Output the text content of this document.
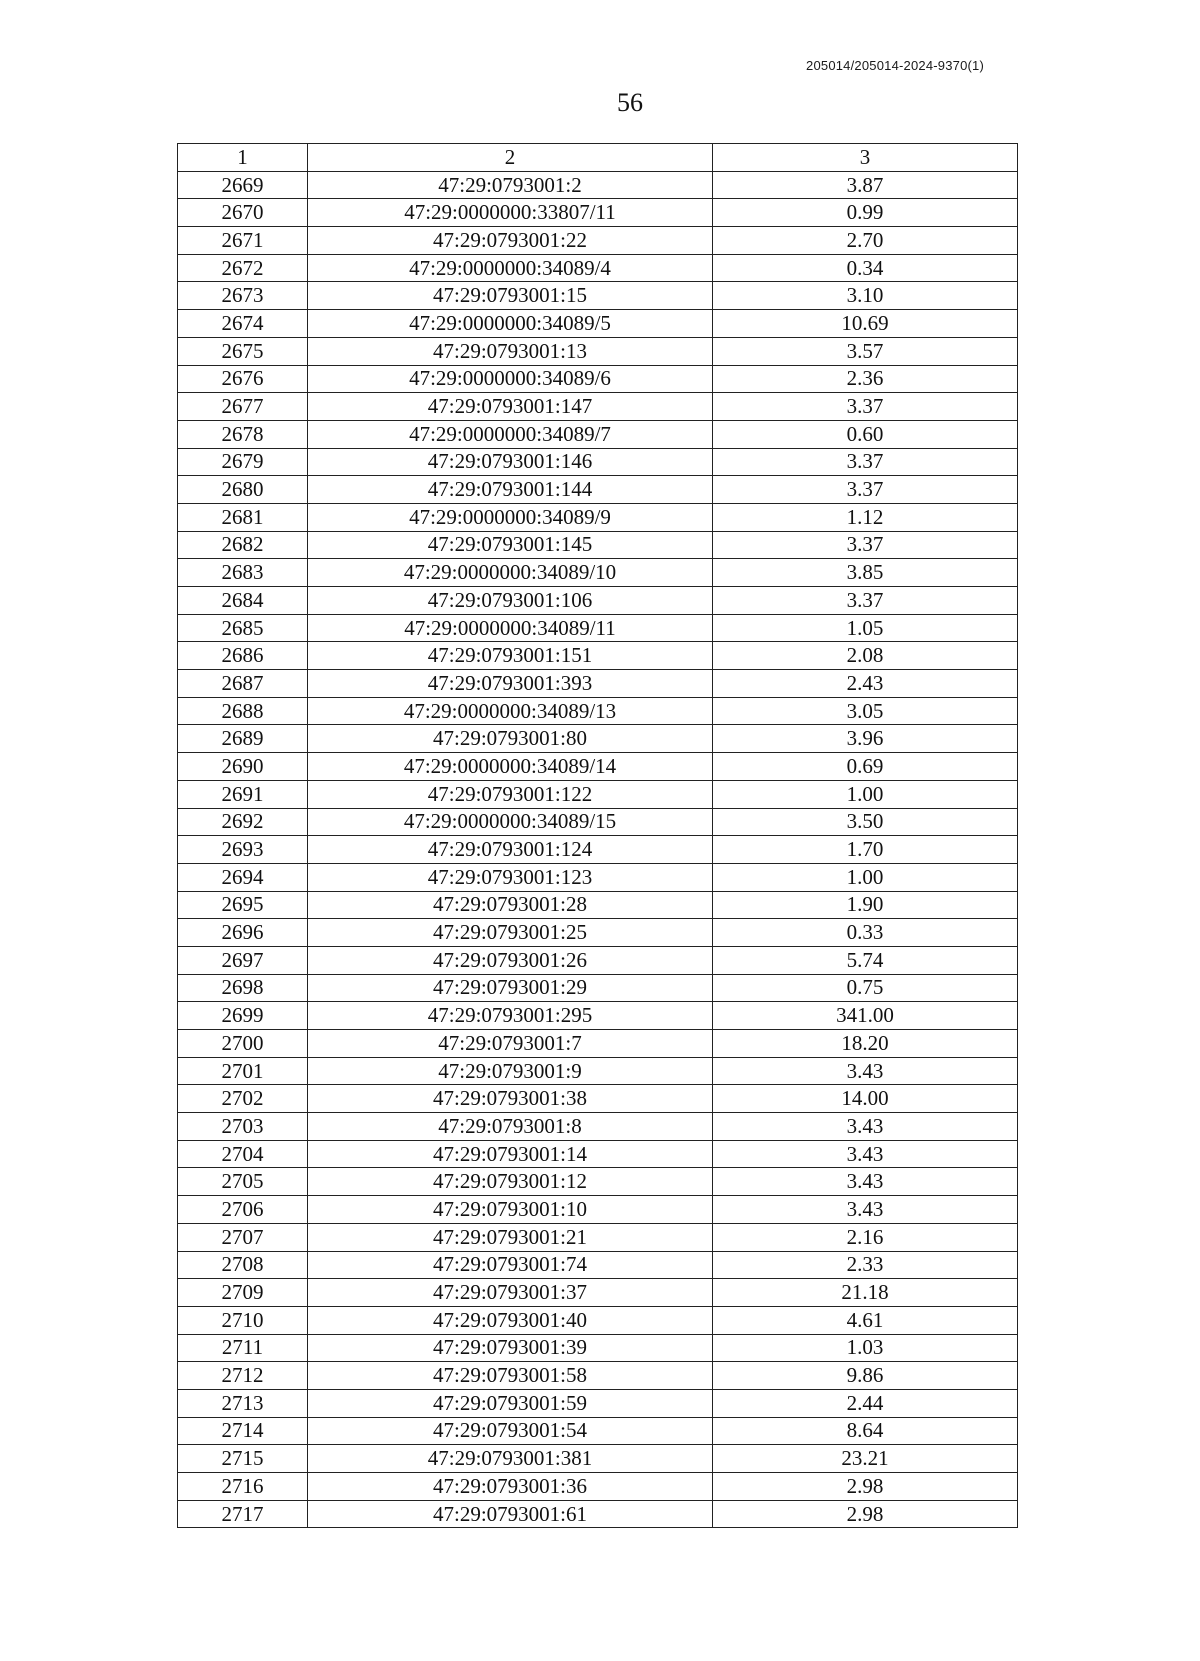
205014/205014-2024-9370(1)
56
1	2	3
2669	47:29:0793001:2	3.87
2670	47:29:0000000:33807/11	0.99
2671	47:29:0793001:22	2.70
2672	47:29:0000000:34089/4	0.34
2673	47:29:0793001:15	3.10
2674	47:29:0000000:34089/5	10.69
2675	47:29:0793001:13	3.57
2676	47:29:0000000:34089/6	2.36
2677	47:29:0793001:147	3.37
2678	47:29:0000000:34089/7	0.60
2679	47:29:0793001:146	3.37
2680	47:29:0793001:144	3.37
2681	47:29:0000000:34089/9	1.12
2682	47:29:0793001:145	3.37
2683	47:29:0000000:34089/10	3.85
2684	47:29:0793001:106	3.37
2685	47:29:0000000:34089/11	1.05
2686	47:29:0793001:151	2.08
2687	47:29:0793001:393	2.43
2688	47:29:0000000:34089/13	3.05
2689	47:29:0793001:80	3.96
2690	47:29:0000000:34089/14	0.69
2691	47:29:0793001:122	1.00
2692	47:29:0000000:34089/15	3.50
2693	47:29:0793001:124	1.70
2694	47:29:0793001:123	1.00
2695	47:29:0793001:28	1.90
2696	47:29:0793001:25	0.33
2697	47:29:0793001:26	5.74
2698	47:29:0793001:29	0.75
2699	47:29:0793001:295	341.00
2700	47:29:0793001:7	18.20
2701	47:29:0793001:9	3.43
2702	47:29:0793001:38	14.00
2703	47:29:0793001:8	3.43
2704	47:29:0793001:14	3.43
2705	47:29:0793001:12	3.43
2706	47:29:0793001:10	3.43
2707	47:29:0793001:21	2.16
2708	47:29:0793001:74	2.33
2709	47:29:0793001:37	21.18
2710	47:29:0793001:40	4.61
2711	47:29:0793001:39	1.03
2712	47:29:0793001:58	9.86
2713	47:29:0793001:59	2.44
2714	47:29:0793001:54	8.64
2715	47:29:0793001:381	23.21
2716	47:29:0793001:36	2.98
2717	47:29:0793001:61	2.98
